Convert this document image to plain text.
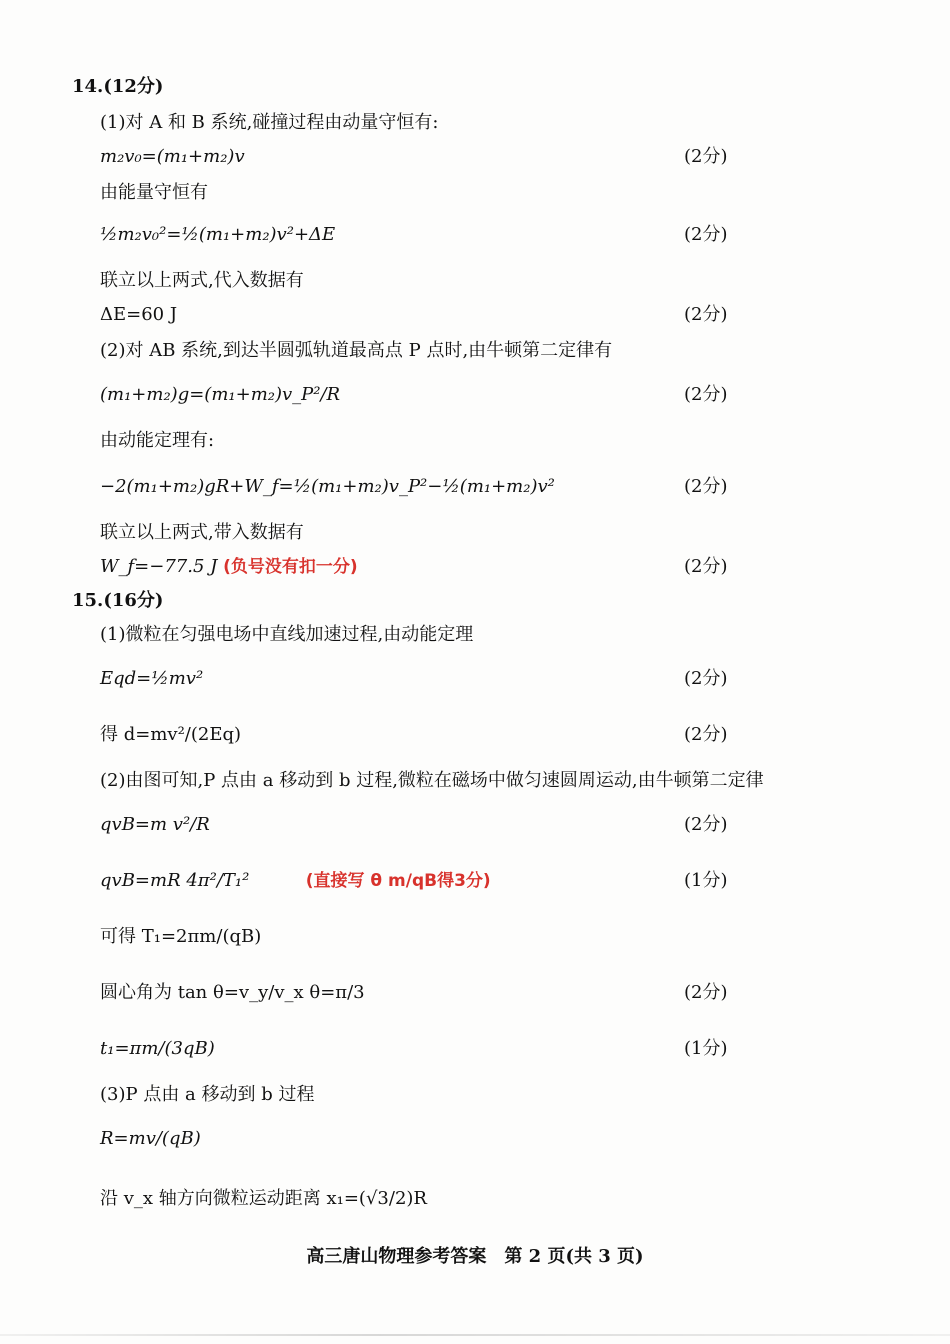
14.(12分)
(1)对 A 和 B 系统,碰撞过程由动量守恒有:
m₂v₀=(m₁+m₂)v	(2分)
由能量守恒有
½m₂v₀²=½(m₁+m₂)v²+ΔE	(2分)
联立以上两式,代入数据有
ΔE=60 J	(2分)
(2)对 AB 系统,到达半圆弧轨道最高点 P 点时,由牛顿第二定律有
(m₁+m₂)g=(m₁+m₂)v_P²/R	(2分)
由动能定理有:
−2(m₁+m₂)gR+W_f=½(m₁+m₂)v_P²−½(m₁+m₂)v²	(2分)
联立以上两式,带入数据有
W_f=−77.5 J (负号没有扣一分)	(2分)
15.(16分)
(1)微粒在匀强电场中直线加速过程,由动能定理
Eqd=½mv²	(2分)
得 d=mv²/(2Eq)	(2分)
(2)由图可知,P 点由 a 移动到 b 过程,微粒在磁场中做匀速圆周运动,由牛顿第二定律
qvB=m v²/R	(2分)
qvB=mR 4π²/T₁²	(直接写 θ m/qB得3分)	(1分)
可得 T₁=2πm/(qB)
圆心角为 tan θ=v_y/v_x θ=π/3	(2分)
t₁=πm/(3qB)	(1分)
(3)P 点由 a 移动到 b 过程
R=mv/(qB)
沿 v_x 轴方向微粒运动距离 x₁=(√3/2)R
高三唐山物理参考答案　第 2 页(共 3 页)
